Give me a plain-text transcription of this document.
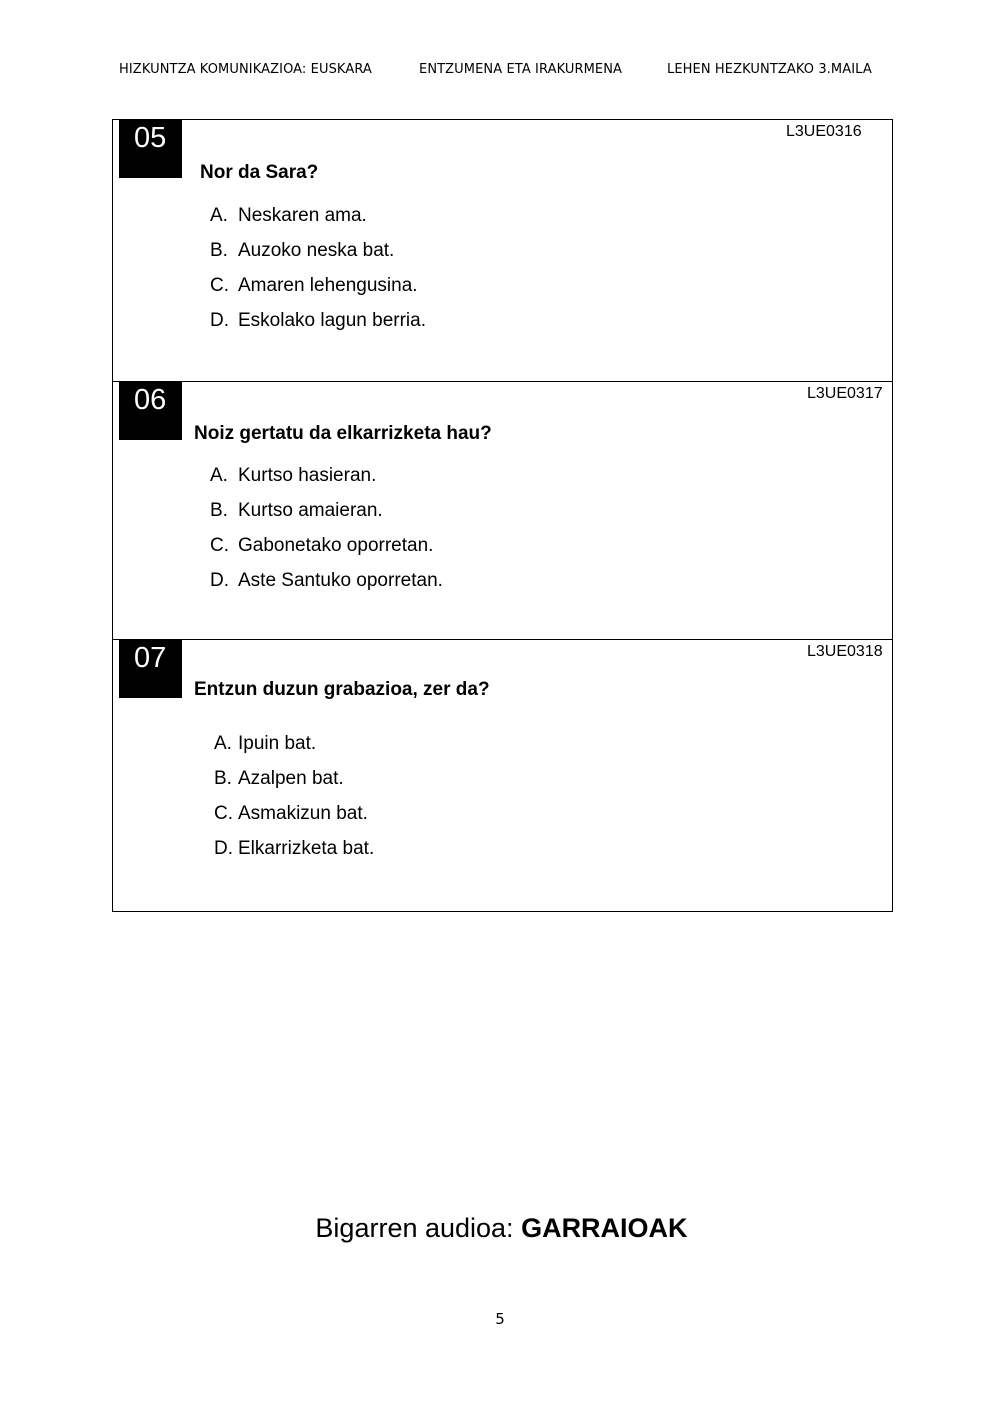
HIZKUNTZA KOMUNIKAZIOA: EUSKARA	ENTZUMENA ETA IRAKURMENA	LEHEN HEZKUNTZAKO 3.MAILA
05	L3UE0316
Nor da Sara?
A. Neskaren ama.
B. Auzoko neska bat.
C. Amaren lehengusina.
D. Eskolako lagun berria.
06	L3UE0317
Noiz gertatu da elkarrizketa hau?
A. Kurtso hasieran.
B. Kurtso amaieran.
C. Gabonetako oporretan.
D. Aste Santuko oporretan.
07	L3UE0318
Entzun duzun grabazioa, zer da?
A. Ipuin bat.
B. Azalpen bat.
C. Asmakizun bat.
D. Elkarrizketa bat.
Bigarren audioa: GARRAIOAK
5
